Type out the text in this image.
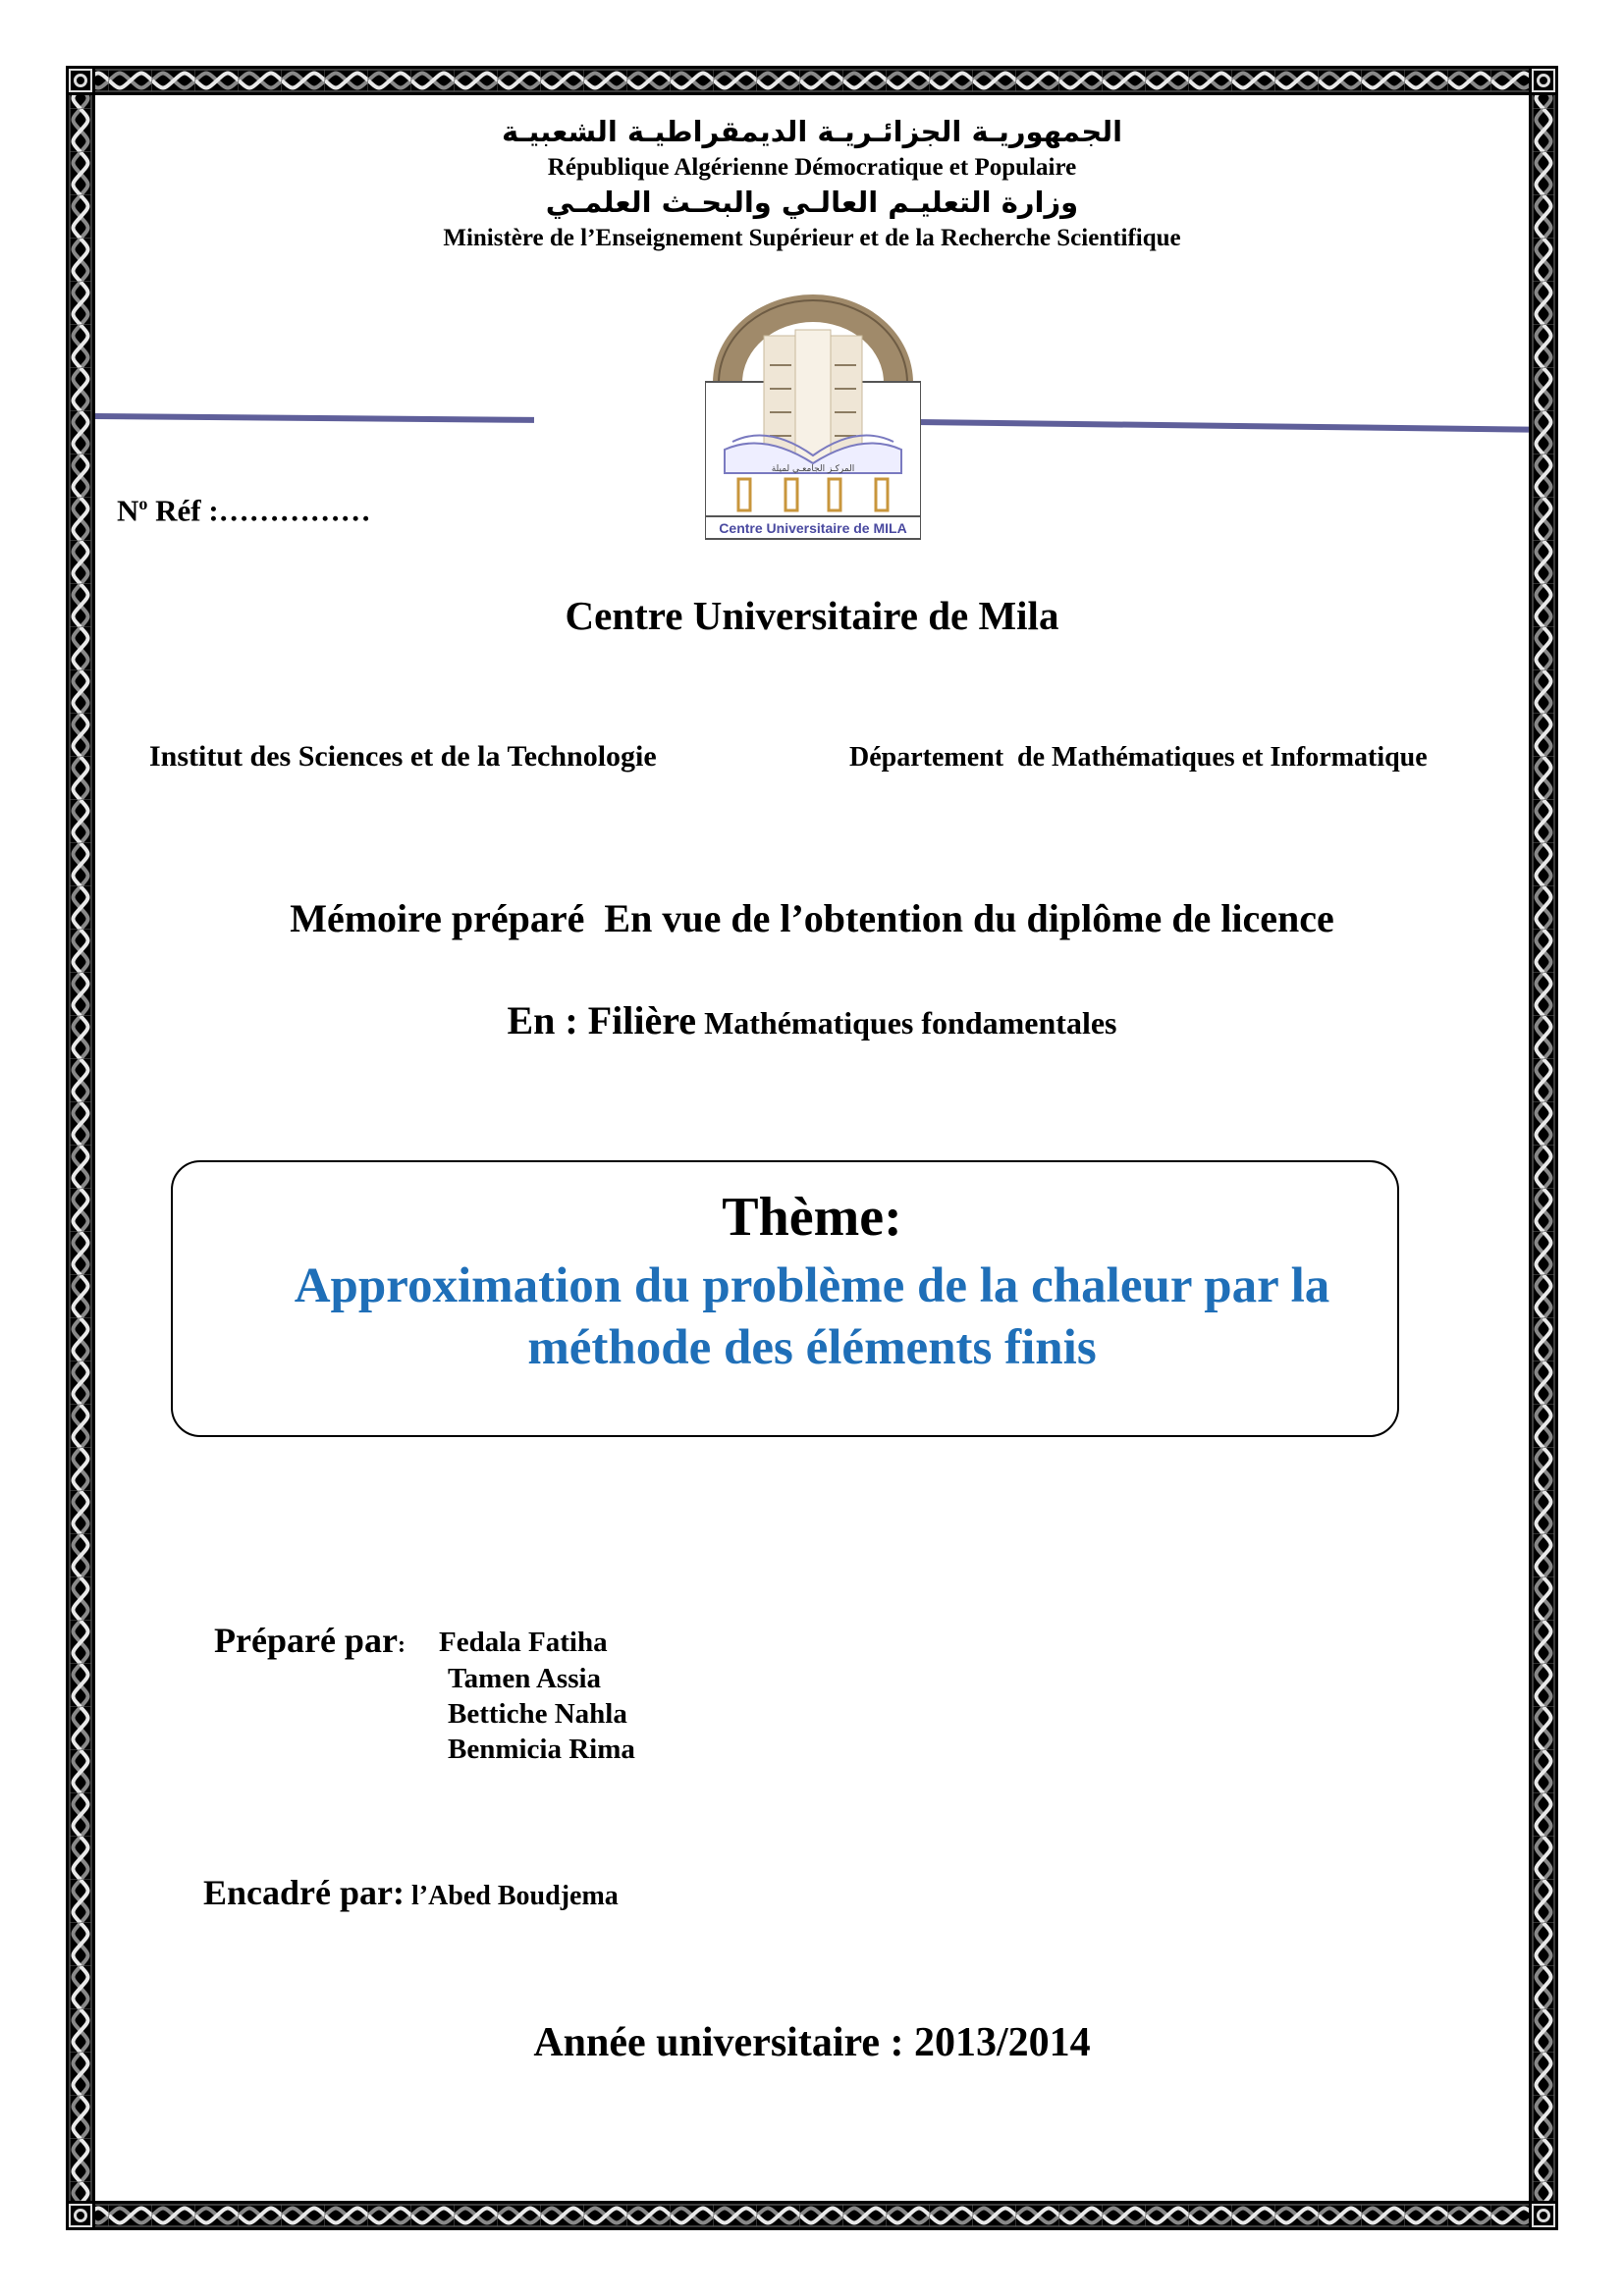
الجمهوريـة الجزائـريـة الديمقراطيـة الشعبيـة
République Algérienne Démocratique et Populaire
وزارة التعليـم العالـي والبحـث العلمـي
Ministère de l’Enseignement Supérieur et de la Recherche Scientifique
المركـز الجامعـي لميلة
Centre Universitaire de MILA
$N^o$ Réf :……………
Centre Universitaire de Mila
Institut des Sciences et de la Technologie	Département  de Mathématiques et Informatique
Mémoire préparé  En vue de l’obtention du diplôme de licence
En : Filière Mathématiques fondamentales
Thème:
Approximation du problème de la chaleur par la
méthode des éléments finis
Préparé par: Fedala Fatiha
Tamen Assia
Bettiche Nahla
Benmicia Rima
Encadré par: l’Abed Boudjema
Année universitaire : 2013/2014
